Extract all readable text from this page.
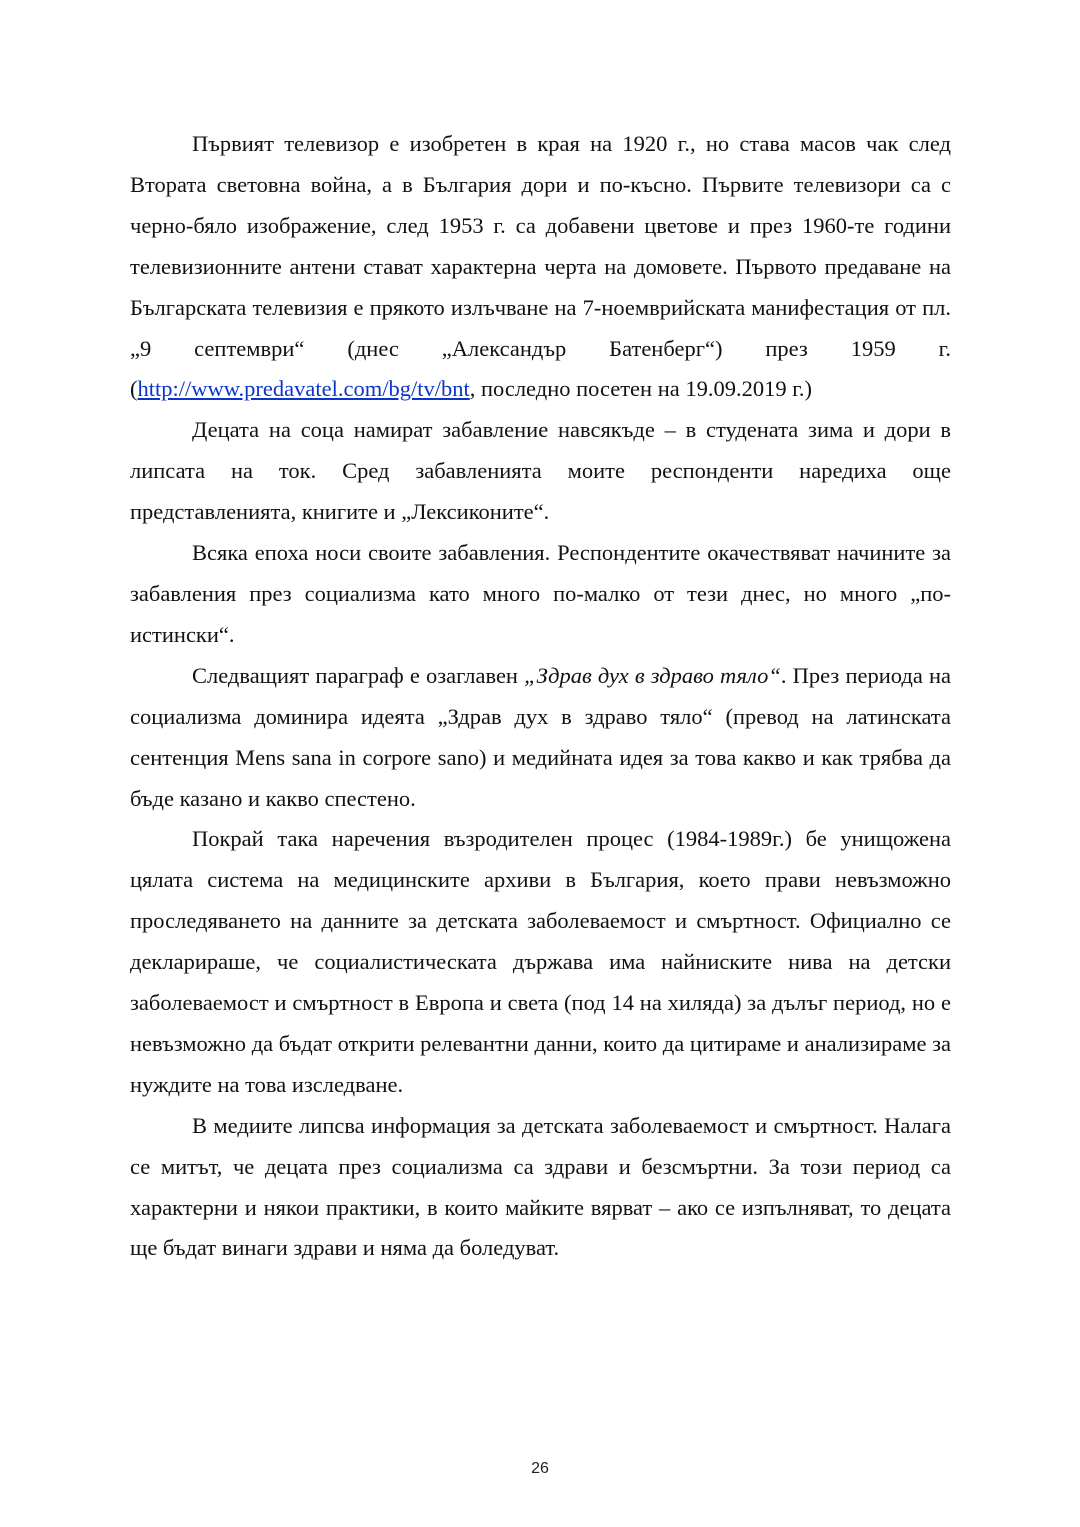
Първият телевизор е изобретен в края на 1920 г., но става масов чак след Втората световна война, а в България дори и по-късно. Първите телевизори са с черно-бяло изображение, след 1953 г. са добавени цветове и през 1960-те години телевизионните антени стават характерна черта на домовете. Първото предаване на Българската телевизия е прякото излъчване на 7-ноемврийската манифестация от пл. „9 септември“ (днес „Александър Батенберг“) през 1959 г. (http://www.predavatel.com/bg/tv/bnt, последно посетен на 19.09.2019 г.)

Децата на соца намират забавление навсякъде – в студената зима и дори в липсата на ток. Сред забавленията моите респонденти наредиха още представленията, книгите и „Лексиконите“.

Всяка епоха носи своите забавления. Респондентите окачествяват начините за забавления през социализма като много по-малко от тези днес, но много „по-истински“.

Следващият параграф е озаглавен „Здрав дух в здраво тяло“. През периода на социализма доминира идеята „Здрав дух в здраво тяло“ (превод на латинската сентенция Mens sana in corpore sano) и медийната идея за това какво и как трябва да бъде казано и какво спестено.

Покрай така наречения възродителен процес (1984-1989г.) бе унищожена цялата система на медицинските архиви в България, което прави невъзможно проследяването на данните за детската заболеваемост и смъртност. Официално се декларираше, че социалистическата държава има найниските нива на детски заболеваемост и смъртност в Европа и света (под 14 на хиляда) за дълъг период, но е невъзможно да бъдат открити релевантни данни, които да цитираме и анализираме за нуждите на това изследване.

В медиите липсва информация за детската заболеваемост и смъртност. Налага се митът, че децата през социализма са здрави и безсмъртни. За този период са характерни и някои практики, в които майките вярват – ако се изпълняват, то децата ще бъдат винаги здрави и няма да боледуват.

26
